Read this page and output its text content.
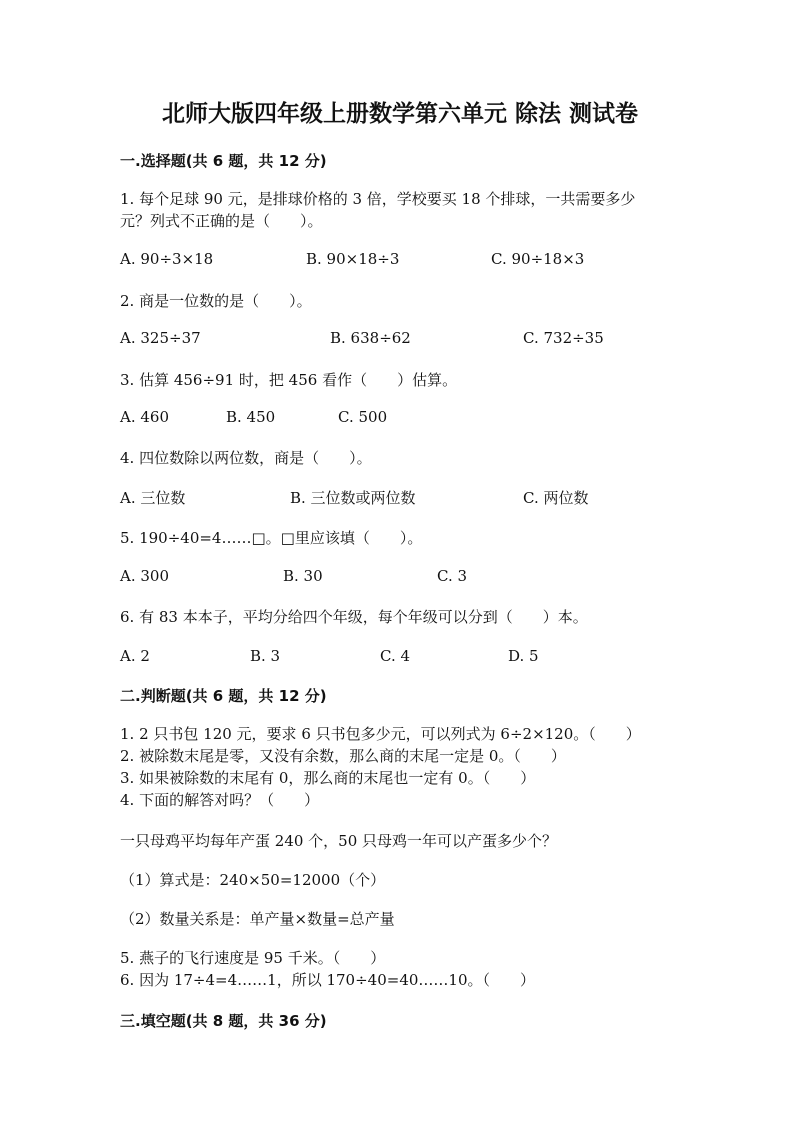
北师大版四年级上册数学第六单元 除法 测试卷
一.选择题(共 6 题，共 12 分)
1. 每个足球 90 元，是排球价格的 3 倍，学校要买 18 个排球，一共需要多少
元？列式不正确的是（　　）。
A. 90÷3×18	B. 90×18÷3	C. 90÷18×3
2. 商是一位数的是（　　）。
A. 325÷37	B. 638÷62	C. 732÷35
3. 估算 456÷91 时，把 456 看作（　　）估算。
A. 460	B. 450	C. 500
4. 四位数除以两位数，商是（　　）。
A. 三位数	B. 三位数或两位数	C. 两位数
5. 190÷40=4……□。□里应该填（　　）。
A. 300	B. 30	C. 3
6. 有 83 本本子，平均分给四个年级，每个年级可以分到（　　）本。
A. 2	B. 3	C. 4	D. 5
二.判断题(共 6 题，共 12 分)
1. 2 只书包 120 元，要求 6 只书包多少元，可以列式为 6÷2×120。（　　）
2. 被除数末尾是零，又没有余数，那么商的末尾一定是 0。（　　）
3. 如果被除数的末尾有 0，那么商的末尾也一定有 0。（　　）
4. 下面的解答对吗？（　　）
一只母鸡平均每年产蛋 240 个，50 只母鸡一年可以产蛋多少个？
（1）算式是：240×50=12000（个）
（2）数量关系是：单产量×数量=总产量
5. 燕子的飞行速度是 95 千米。（　　）
6. 因为 17÷4=4……1，所以 170÷40=40……10。（　　）
三.填空题(共 8 题，共 36 分)
